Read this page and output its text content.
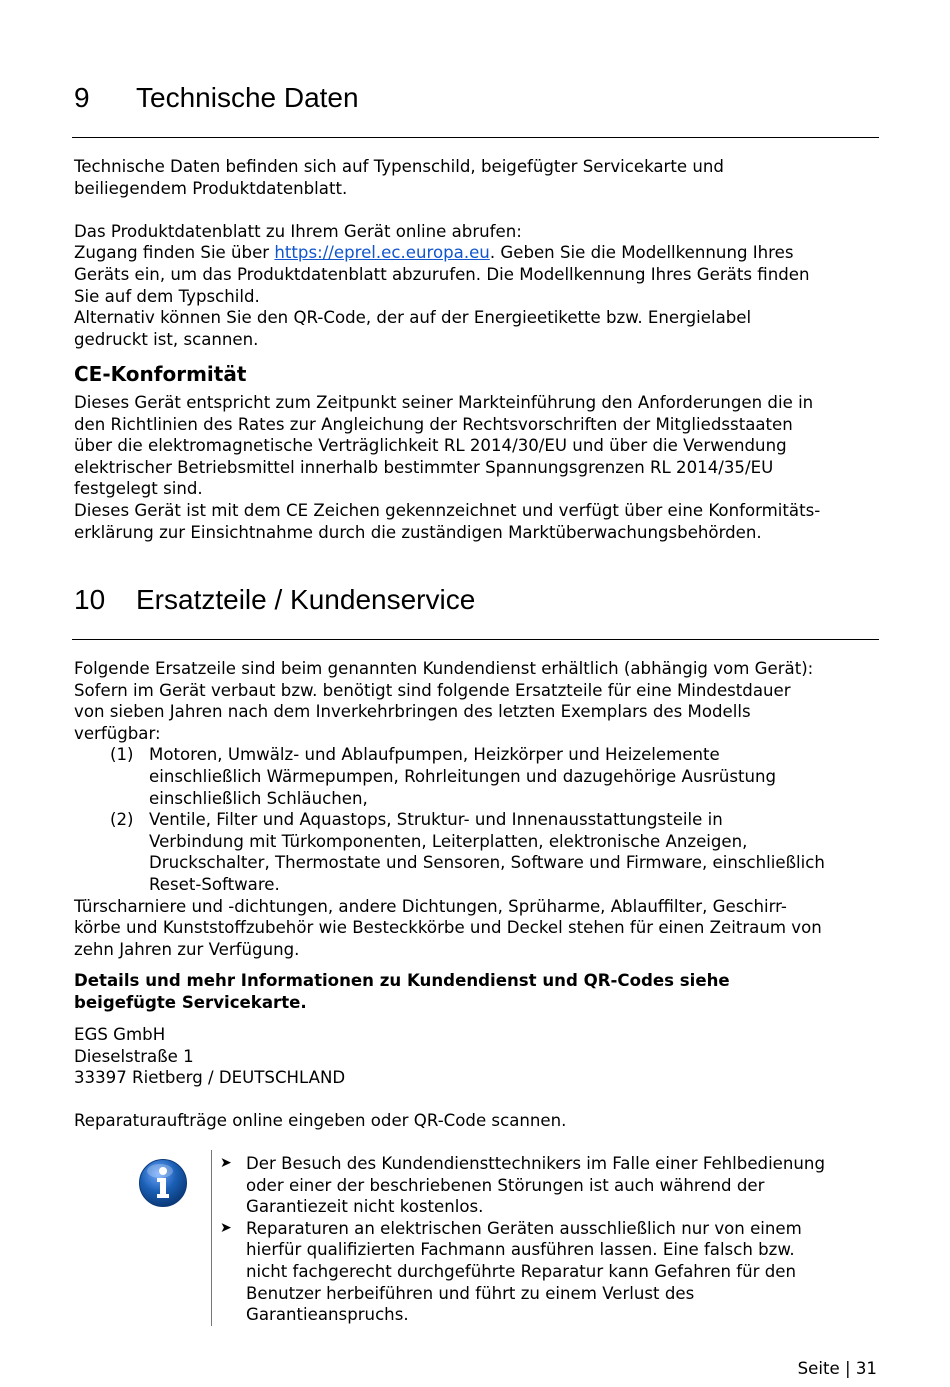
9 Technische Daten

Technische Daten befinden sich auf Typenschild, beigefügter Servicekarte und

beiliegendem Produktdatenblatt.

Das Produktdatenblatt zu Ihrem Gerät online abrufen:

Zugang finden Sie über https://eprel.ec.europa.eu. Geben Sie die Modellkennung Ihres

Geräts ein, um das Produktdatenblatt abzurufen. Die Modellkennung Ihres Geräts finden

Sie auf dem Typschild.

Alternativ können Sie den QR-Code, der auf der Energieetikette bzw. Energielabel

gedruckt ist, scannen.

CE-Konformität

Dieses Gerät entspricht zum Zeitpunkt seiner Markteinführung den Anforderungen die in

den Richtlinien des Rates zur Angleichung der Rechtsvorschriften der Mitgliedsstaaten

über die elektromagnetische Verträglichkeit RL 2014/30/EU und über die Verwendung

elektrischer Betriebsmittel innerhalb bestimmter Spannungsgrenzen RL 2014/35/EU

festgelegt sind.

Dieses Gerät ist mit dem CE Zeichen gekennzeichnet und verfügt über eine Konformitäts-

erklärung zur Einsichtnahme durch die zuständigen Marktüberwachungsbehörden.

10 Ersatzteile / Kundenservice

Folgende Ersatzeile sind beim genannten Kundendienst erhältlich (abhängig vom Gerät):

Sofern im Gerät verbaut bzw. benötigt sind folgende Ersatzteile für eine Mindestdauer

von sieben Jahren nach dem Inverkehrbringen des letzten Exemplars des Modells

verfügbar:

(1) Motoren, Umwälz- und Ablaufpumpen, Heizkörper und Heizelemente

einschließlich Wärmepumpen, Rohrleitungen und dazugehörige Ausrüstung

einschließlich Schläuchen,

(2) Ventile, Filter und Aquastops, Struktur- und Innenausstattungsteile in

Verbindung mit Türkomponenten, Leiterplatten, elektronische Anzeigen,

Druckschalter, Thermostate und Sensoren, Software und Firmware, einschließlich

Reset-Software.

Türscharniere und -dichtungen, andere Dichtungen, Sprüharme, Ablauffilter, Geschirr-

körbe und Kunststoffzubehör wie Besteckkörbe und Deckel stehen für einen Zeitraum von

zehn Jahren zur Verfügung.

Details und mehr Informationen zu Kundendienst und QR-Codes siehe

beigefügte Servicekarte.

EGS GmbH

Dieselstraße 1

33397 Rietberg / DEUTSCHLAND

Reparaturaufträge online eingeben oder QR-Code scannen.

➤ Der Besuch des Kundendiensttechnikers im Falle einer Fehlbedienung

oder einer der beschriebenen Störungen ist auch während der

Garantiezeit nicht kostenlos.

➤ Reparaturen an elektrischen Geräten ausschließlich nur von einem

hierfür qualifizierten Fachmann ausführen lassen. Eine falsch bzw.

nicht fachgerecht durchgeführte Reparatur kann Gefahren für den

Benutzer herbeiführen und führt zu einem Verlust des

Garantieanspruchs.

Seite | 31
